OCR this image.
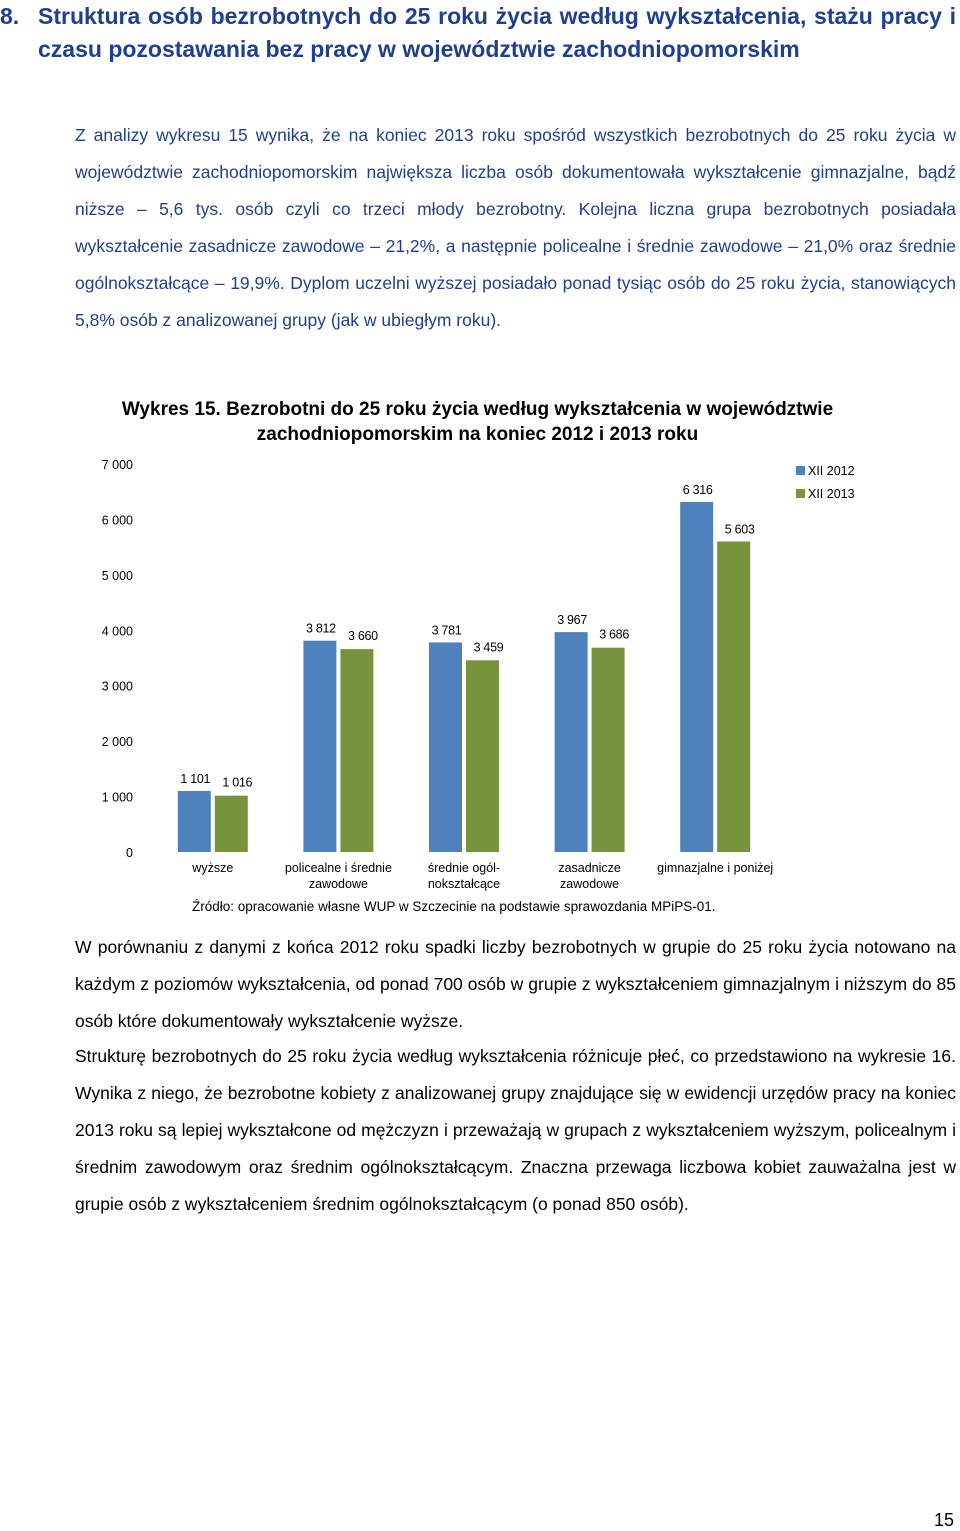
8. Struktura osób bezrobotnych do 25 roku życia według wykształcenia, stażu pracy i czasu pozostawania bez pracy w województwie zachodniopomorskim
Z analizy wykresu 15 wynika, że na koniec 2013 roku spośród wszystkich bezrobotnych do 25 roku życia w województwie zachodniopomorskim największa liczba osób dokumentowała wykształcenie gimnazjalne, bądź niższe – 5,6 tys. osób czyli co trzeci młody bezrobotny. Kolejna liczna grupa bezrobotnych posiadała wykształcenie zasadnicze zawodowe – 21,2%, a następnie policealne i średnie zawodowe – 21,0% oraz średnie ogólnokształcące – 19,9%. Dyplom uczelni wyższej posiadało ponad tysiąc osób do 25 roku życia, stanowiących 5,8% osób z analizowanej grupy (jak w ubiegłym roku).
Wykres 15. Bezrobotni do 25 roku życia według wykształcenia w województwie
zachodniopomorskim na koniec 2012 i 2013 roku
0
1 000
2 000
3 000
4 000
5 000
6 000
7 000
1 101 1 016
wyższe
3 812
3 660
policealne i średnie
zawodowe
3 781
3 459
średnie ogól-
nokształcące
3 967
3 686
zasadnicze
zawodowe
6 316
5 603
gimnazjalne i poniżej
XII 2012
XII 2013
Źródło: opracowanie własne WUP w Szczecinie na podstawie sprawozdania MPiPS-01.
W porównaniu z danymi z końca 2012 roku spadki liczby bezrobotnych w grupie do 25 roku życia notowano na każdym z poziomów wykształcenia, od ponad 700 osób w grupie z wykształceniem gimnazjalnym i niższym do 85 osób które dokumentowały wykształcenie wyższe.
Strukturę bezrobotnych do 25 roku życia według wykształcenia różnicuje płeć, co przedstawiono na wykresie 16. Wynika z niego, że bezrobotne kobiety z analizowanej grupy znajdujące się w ewidencji urzędów pracy na koniec 2013 roku są lepiej wykształcone od mężczyzn i przeważają w grupach z wykształceniem wyższym, policealnym i średnim zawodowym oraz średnim ogólnokształcącym. Znaczna przewaga liczbowa kobiet zauważalna jest w grupie osób z wykształceniem średnim ogólnokształcącym (o ponad 850 osób).
15
